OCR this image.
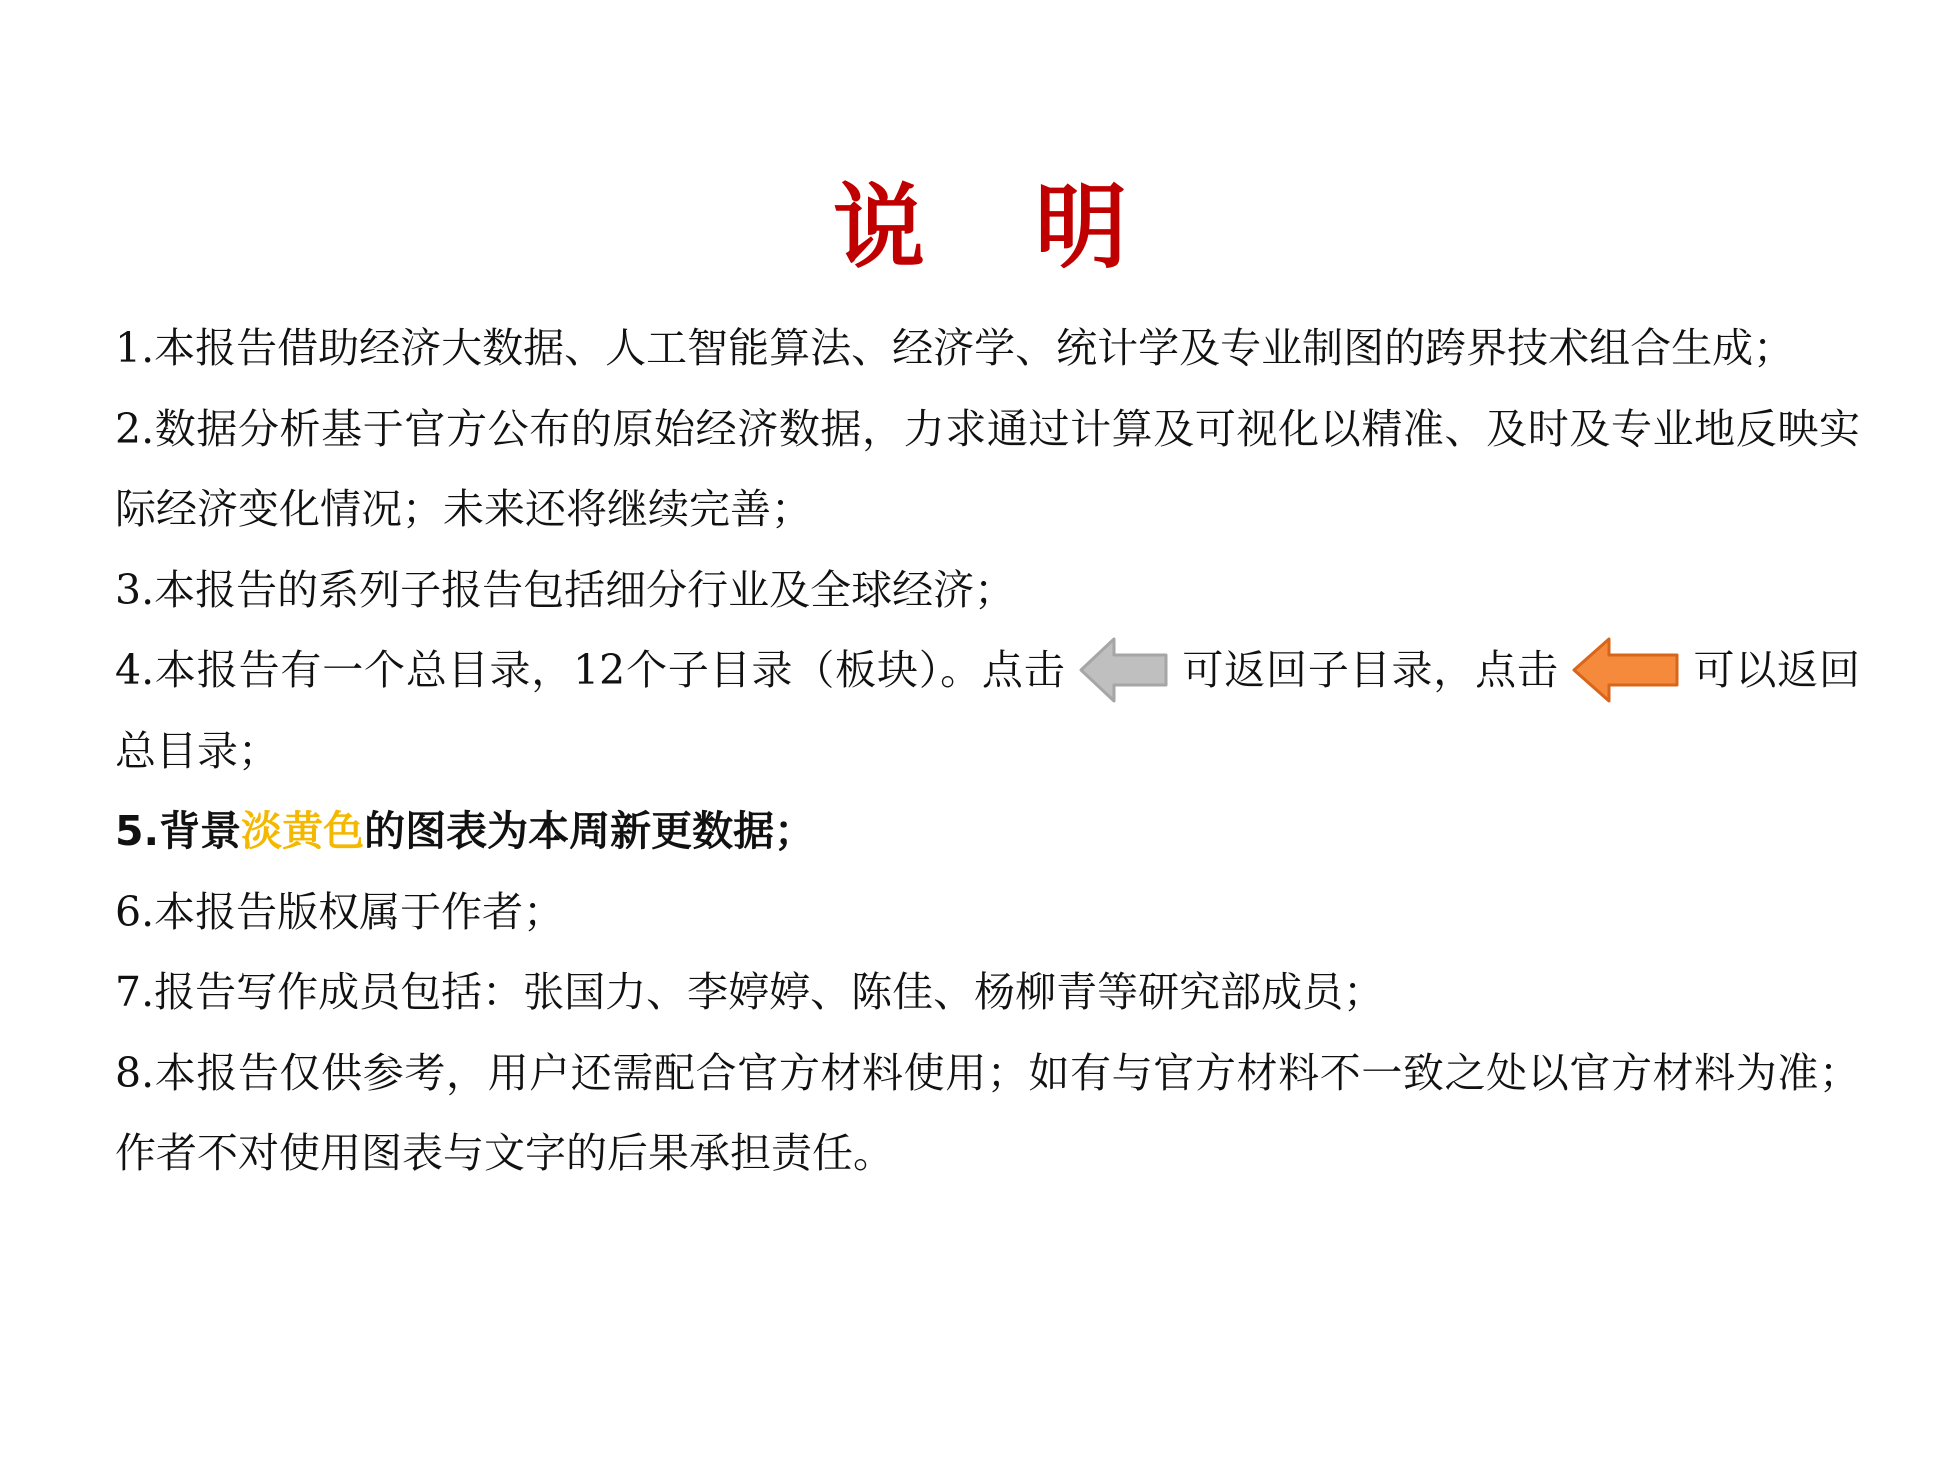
说 明

1.本报告借助经济大数据、人工智能算法、经济学、统计学及专业制图的跨界技术组合生成；

2.数据分析基于官方公布的原始经济数据，力求通过计算及可视化以精准、及时及专业地反映实际经济变化情况；未来还将继续完善；

3.本报告的系列子报告包括细分行业及全球经济；

4.本报告有一个总目录，12个子目录（板块）。点击	可返回子目录，点击	可以返回总目录；

5.背景淡黄色的图表为本周新更数据；

6.本报告版权属于作者；

7.报告写作成员包括：张国力、李婷婷、陈佳、杨柳青等研究部成员；

8.本报告仅供参考，用户还需配合官方材料使用；如有与官方材料不一致之处以官方材料为准；作者不对使用图表与文字的后果承担责任。
